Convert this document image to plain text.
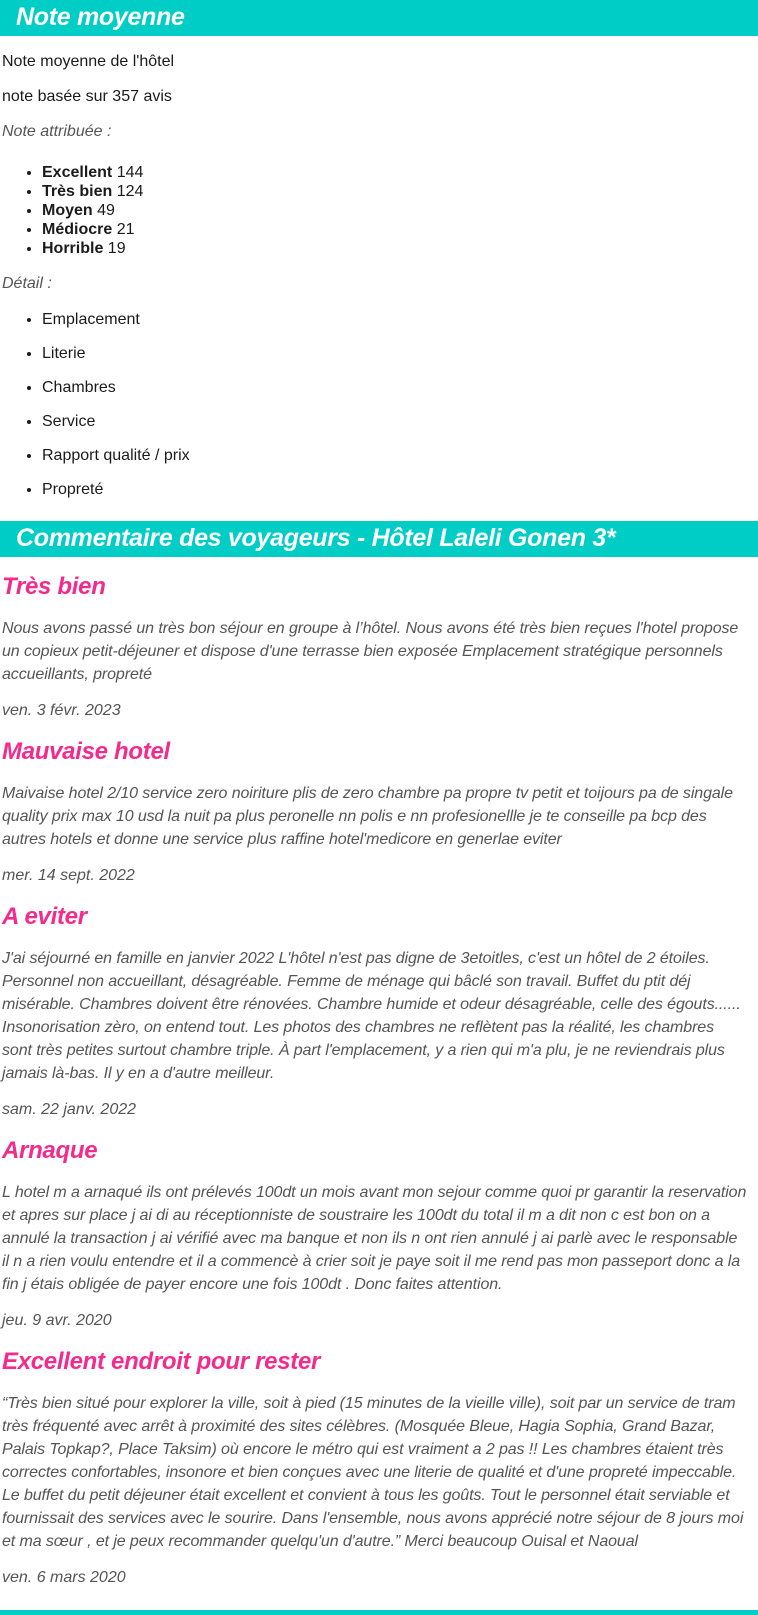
Note moyenne

Note moyenne de l'hôtel

note basée sur 357 avis

Note attribuée :

• Excellent 144
• Très bien 124
• Moyen 49
• Médiocre 21
• Horrible 19

Détail :

• Emplacement
• Literie
• Chambres
• Service
• Rapport qualité / prix
• Propreté
Commentaire des voyageurs - Hôtel Laleli Gonen 3*
Très bien

Nous avons passé un très bon séjour en groupe à l’hôtel. Nous avons été très bien reçues l'hotel propose un copieux petit-déjeuner et dispose d'une terrasse bien exposée Emplacement stratégique personnels accueillants, propreté

ven. 3 févr. 2023

Mauvaise hotel

Maivaise hotel 2/10 service zero noiriture plis de zero chambre pa propre tv petit et toijours pa de singale quality prix max 10 usd la nuit pa plus peronelle nn polis e nn profesionellle je te conseille pa bcp des autres hotels et donne une service plus raffine hotel'medicore en generlae eviter

mer. 14 sept. 2022

A eviter

J'ai séjourné en famille en janvier 2022 L'hôtel n'est pas digne de 3etoitles, c'est un hôtel de 2 étoiles. Personnel non accueillant, désagréable. Femme de ménage qui bâclé son travail. Buffet du ptit déj misérable. Chambres doivent être rénovées. Chambre humide et odeur désagréable, celle des égouts...... Insonorisation zèro, on entend tout. Les photos des chambres ne reflètent pas la réalité, les chambres sont très petites surtout chambre triple. À part l'emplacement, y a rien qui m'a plu, je ne reviendrais plus jamais là-bas. Il y en a d'autre meilleur.

sam. 22 janv. 2022

Arnaque

L hotel m a arnaqué ils ont prélevés 100dt un mois avant mon sejour comme quoi pr garantir la reservation et apres sur place j ai di au réceptionniste de soustraire les 100dt du total il m a dit non c est bon on a annulé la transaction j ai vérifié avec ma banque et non ils n ont rien annulé j ai parlè avec le responsable il n a rien voulu entendre et il a commencè à crier soit je paye soit il me rend pas mon passeport donc a la fin j étais obligée de payer encore une fois 100dt . Donc faites attention.

jeu. 9 avr. 2020

Excellent endroit pour rester

“Très bien situé pour explorer la ville, soit à pied (15 minutes de la vieille ville), soit par un service de tram très fréquenté avec arrêt à proximité des sites célèbres. (Mosquée Bleue, Hagia Sophia, Grand Bazar, Palais Topkap?, Place Taksim) où encore le métro qui est vraiment a 2 pas !! Les chambres étaient très correctes confortables, insonore et bien conçues avec une literie de qualité et d'une propreté impeccable. Le buffet du petit déjeuner était excellent et convient à tous les goûts. Tout le personnel était serviable et fournissait des services avec le sourire. Dans l'ensemble, nous avons apprécié notre séjour de 8 jours moi et ma sœur , et je peux recommander quelqu'un d'autre.” Merci beaucoup Ouisal et Naoual

ven. 6 mars 2020
